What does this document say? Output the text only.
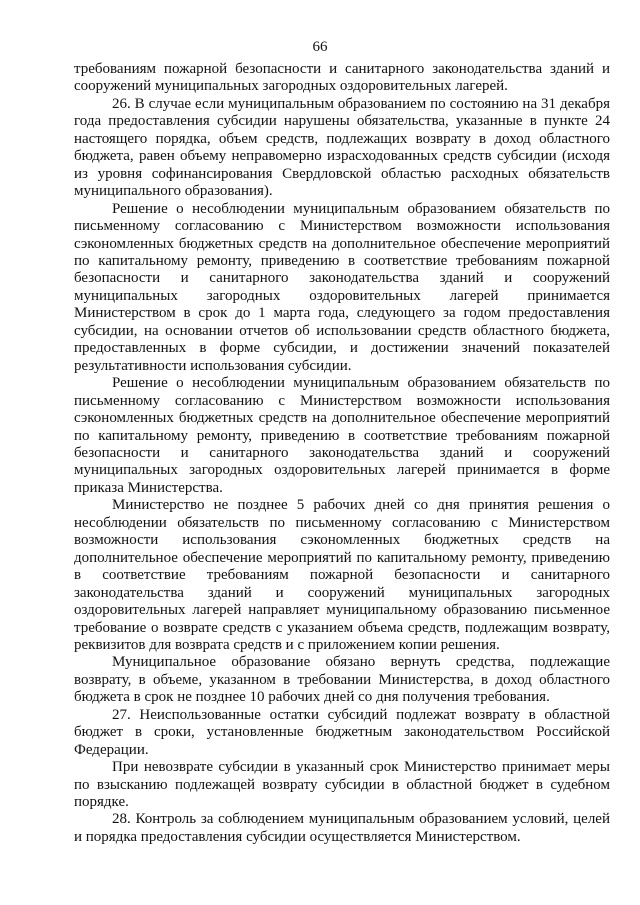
66

требованиям пожарной безопасности и санитарного законодательства зданий и сооружений муниципальных загородных оздоровительных лагерей.

26. В случае если муниципальным образованием по состоянию на 31 декабря года предоставления субсидии нарушены обязательства, указанные в пункте 24 настоящего порядка, объем средств, подлежащих возврату в доход областного бюджета, равен объему неправомерно израсходованных средств субсидии (исходя из уровня софинансирования Свердловской областью расходных обязательств муниципального образования).

Решение о несоблюдении муниципальным образованием обязательств по письменному согласованию с Министерством возможности использования сэкономленных бюджетных средств на дополнительное обеспечение мероприятий по капитальному ремонту, приведению в соответствие требованиям пожарной безопасности и санитарного законодательства зданий и сооружений муниципальных загородных оздоровительных лагерей принимается Министерством в срок до 1 марта года, следующего за годом предоставления субсидии, на основании отчетов об использовании средств областного бюджета, предоставленных в форме субсидии, и достижении значений показателей результативности использования субсидии.

Решение о несоблюдении муниципальным образованием обязательств по письменному согласованию с Министерством возможности использования сэкономленных бюджетных средств на дополнительное обеспечение мероприятий по капитальному ремонту, приведению в соответствие требованиям пожарной безопасности и санитарного законодательства зданий и сооружений муниципальных загородных оздоровительных лагерей принимается в форме приказа Министерства.

Министерство не позднее 5 рабочих дней со дня принятия решения о несоблюдении обязательств по письменному согласованию с Министерством возможности использования сэкономленных бюджетных средств на дополнительное обеспечение мероприятий по капитальному ремонту, приведению в соответствие требованиям пожарной безопасности и санитарного законодательства зданий и сооружений муниципальных загородных оздоровительных лагерей направляет муниципальному образованию письменное требование о возврате средств с указанием объема средств, подлежащим возврату, реквизитов для возврата средств и с приложением копии решения.

Муниципальное образование обязано вернуть средства, подлежащие возврату, в объеме, указанном в требовании Министерства, в доход областного бюджета в срок не позднее 10 рабочих дней со дня получения требования.

27. Неиспользованные остатки субсидий подлежат возврату в областной бюджет в сроки, установленные бюджетным законодательством Российской Федерации.

При невозврате субсидии в указанный срок Министерство принимает меры по взысканию подлежащей возврату субсидии в областной бюджет в судебном порядке.

28. Контроль за соблюдением муниципальным образованием условий, целей и порядка предоставления субсидии осуществляется Министерством.
